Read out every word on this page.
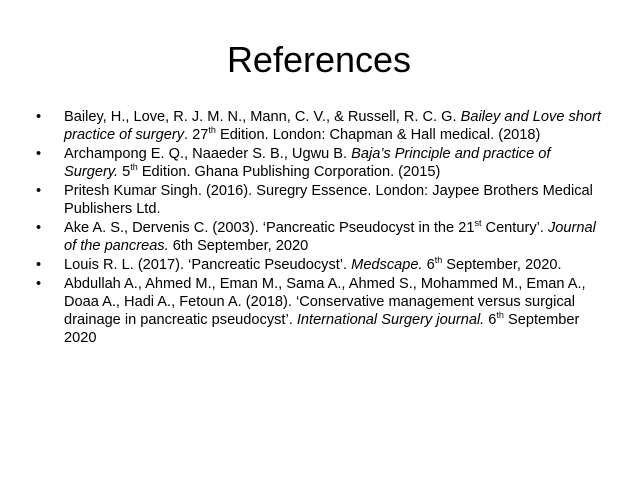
References
•	Bailey, H., Love, R. J. M. N., Mann, C. V., & Russell, R. C. G. Bailey and Love short practice of surgery. 27th Edition. London: Chapman & Hall medical. (2018)
•	Archampong E. Q., Naaeder S. B., Ugwu B. Baja’s Principle and practice of Surgery. 5th Edition. Ghana Publishing Corporation. (2015)
•	Pritesh Kumar Singh. (2016). Suregry Essence. London: Jaypee Brothers Medical Publishers Ltd.
•	Ake A. S., Dervenis C. (2003). ‘Pancreatic Pseudocyst in the 21st Century’. Journal of the pancreas. 6th September, 2020
•	Louis R. L. (2017). ‘Pancreatic Pseudocyst’. Medscape. 6th September, 2020.
•	Abdullah A., Ahmed M., Eman M., Sama A., Ahmed S., Mohammed M., Eman A., Doaa A., Hadi A., Fetoun A. (2018). ‘Conservative management versus surgical drainage in pancreatic pseudocyst’. International Surgery journal. 6th September 2020
